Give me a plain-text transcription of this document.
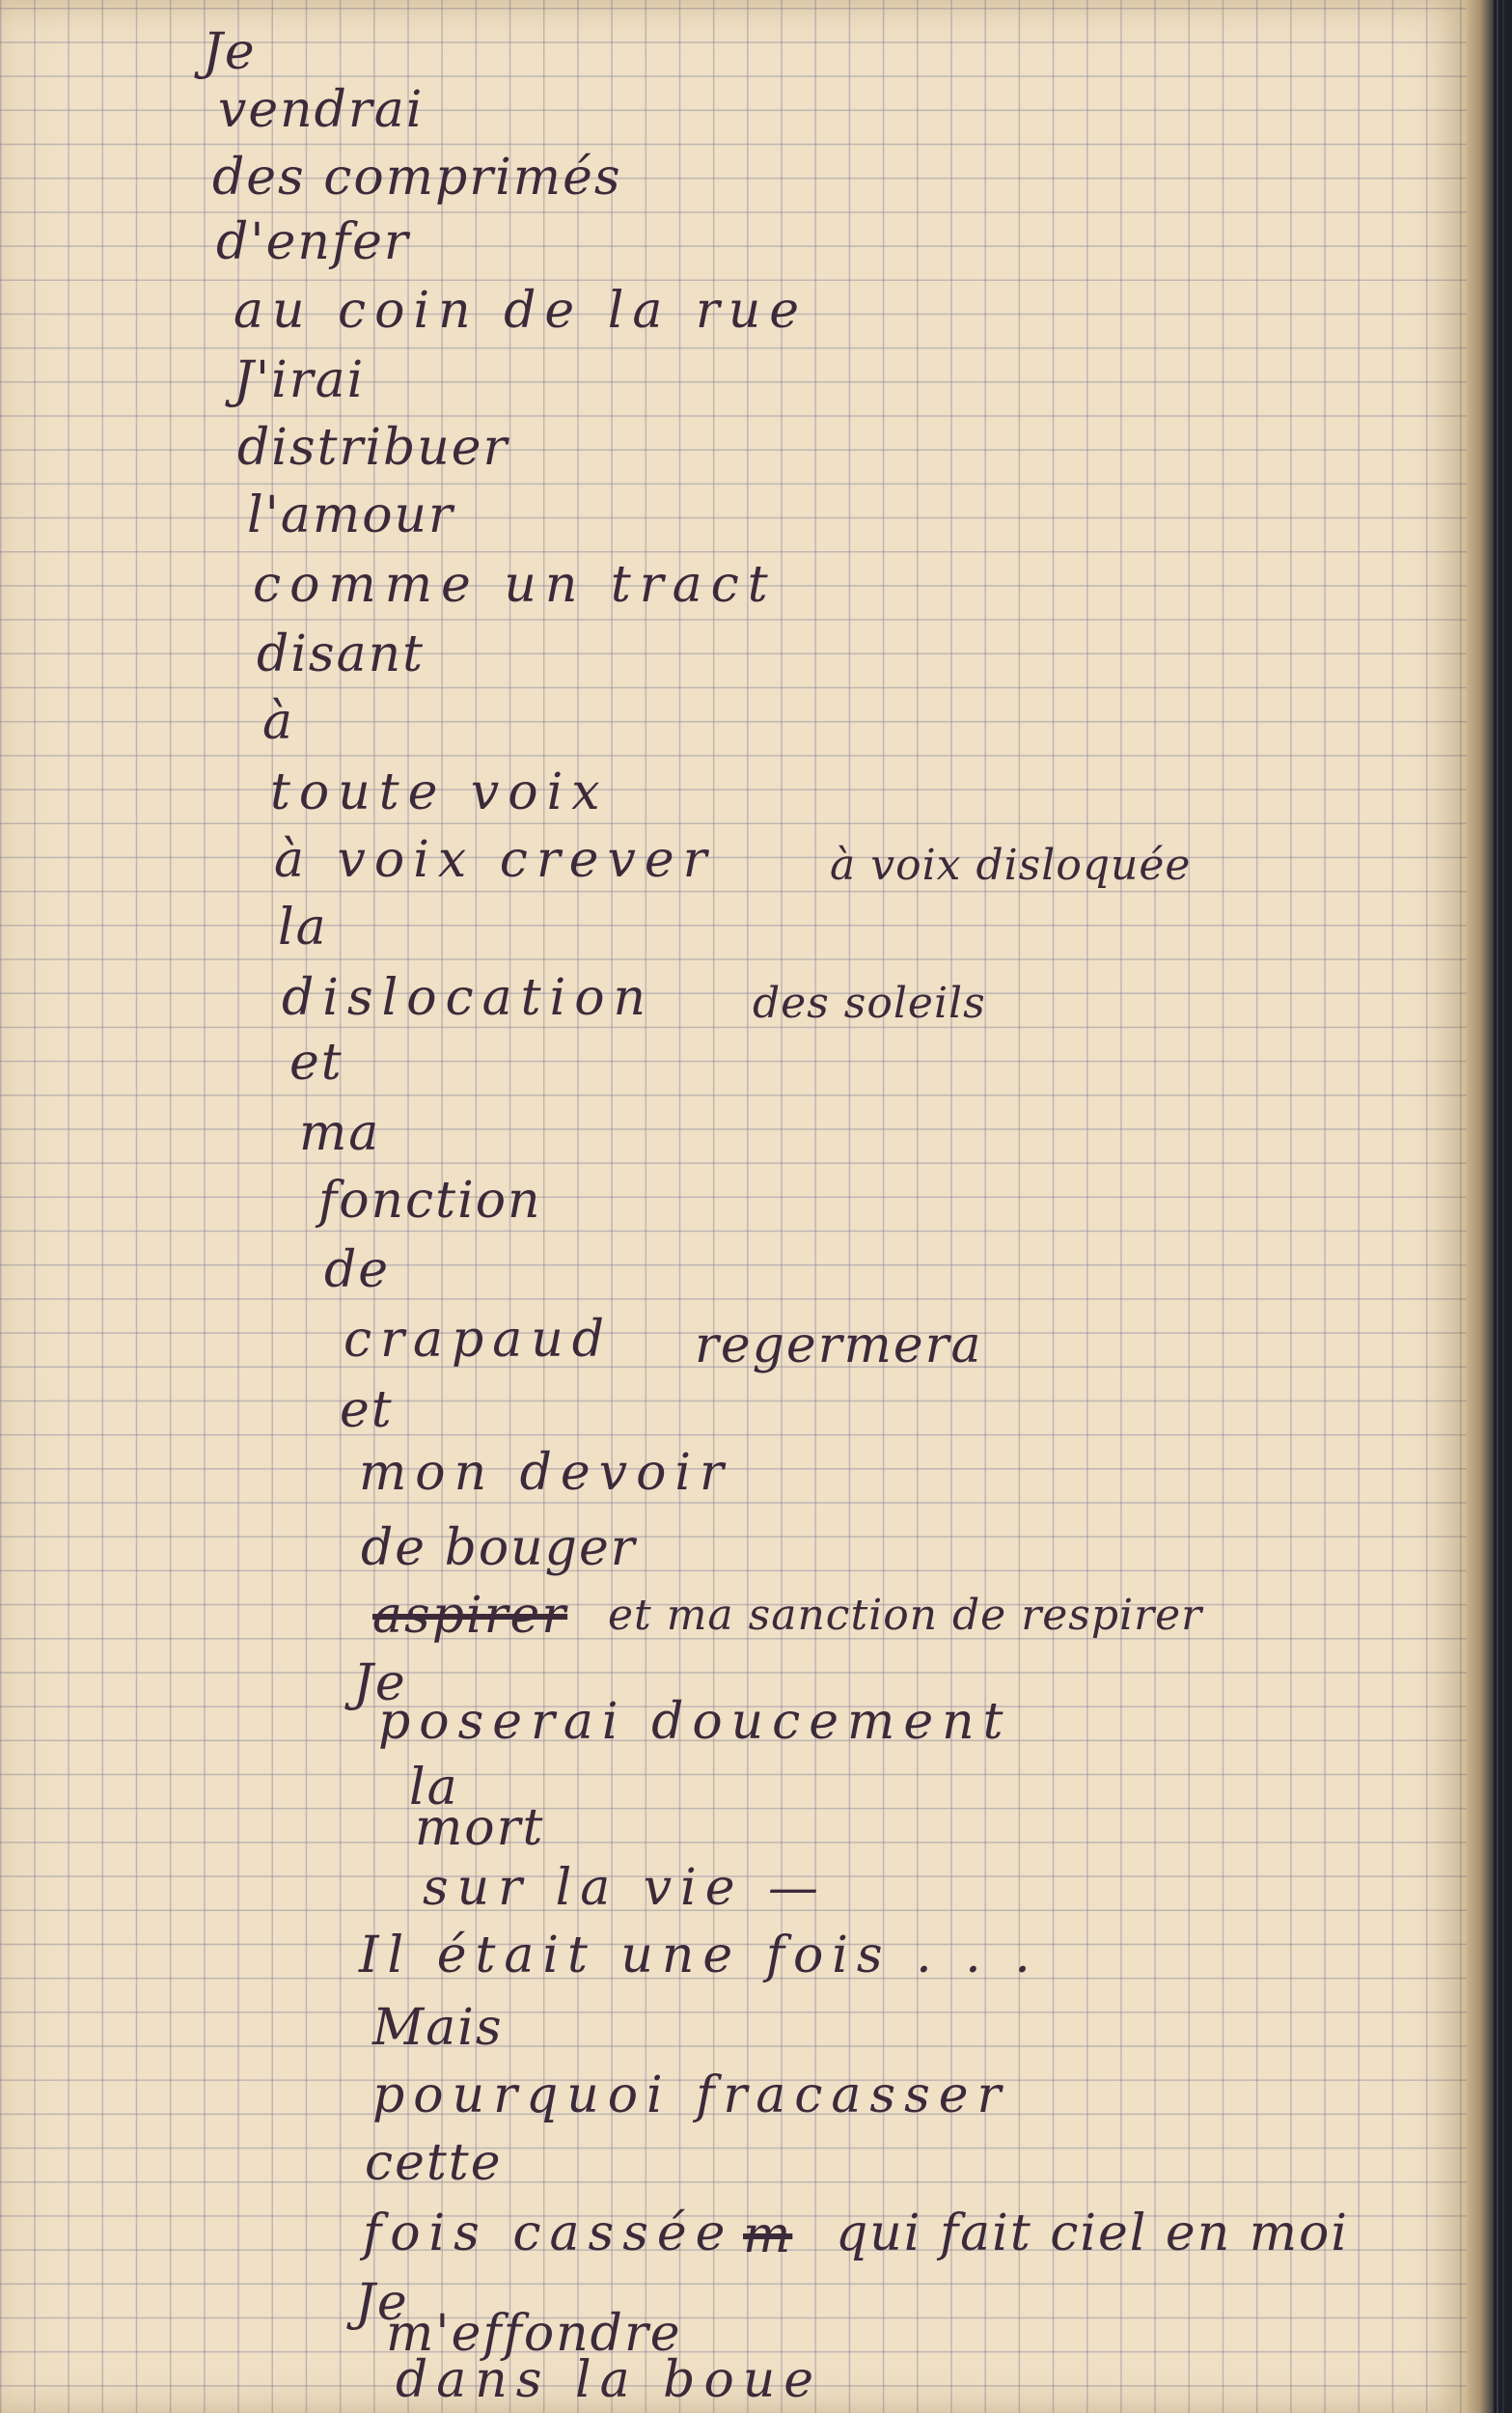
Je
vendrai
des comprimés
d'enfer
au coin de la rue
J'irai
distribuer
l'amour
comme un tract
disant
à
toute voix
à voix crever	à voix disloquée
la
dislocation des soleils
et
ma
fonction
de
crapaud regermera
et
mon devoir
de bouger
aspirer et ma sanction de respirer
Je
poserai doucement
la
mort
sur la vie —
Il était une fois . . .
Mais
pourquoi fracasser
cette
fois cassée m qui fait ciel en moi
Je
m'effondre
dans la boue
